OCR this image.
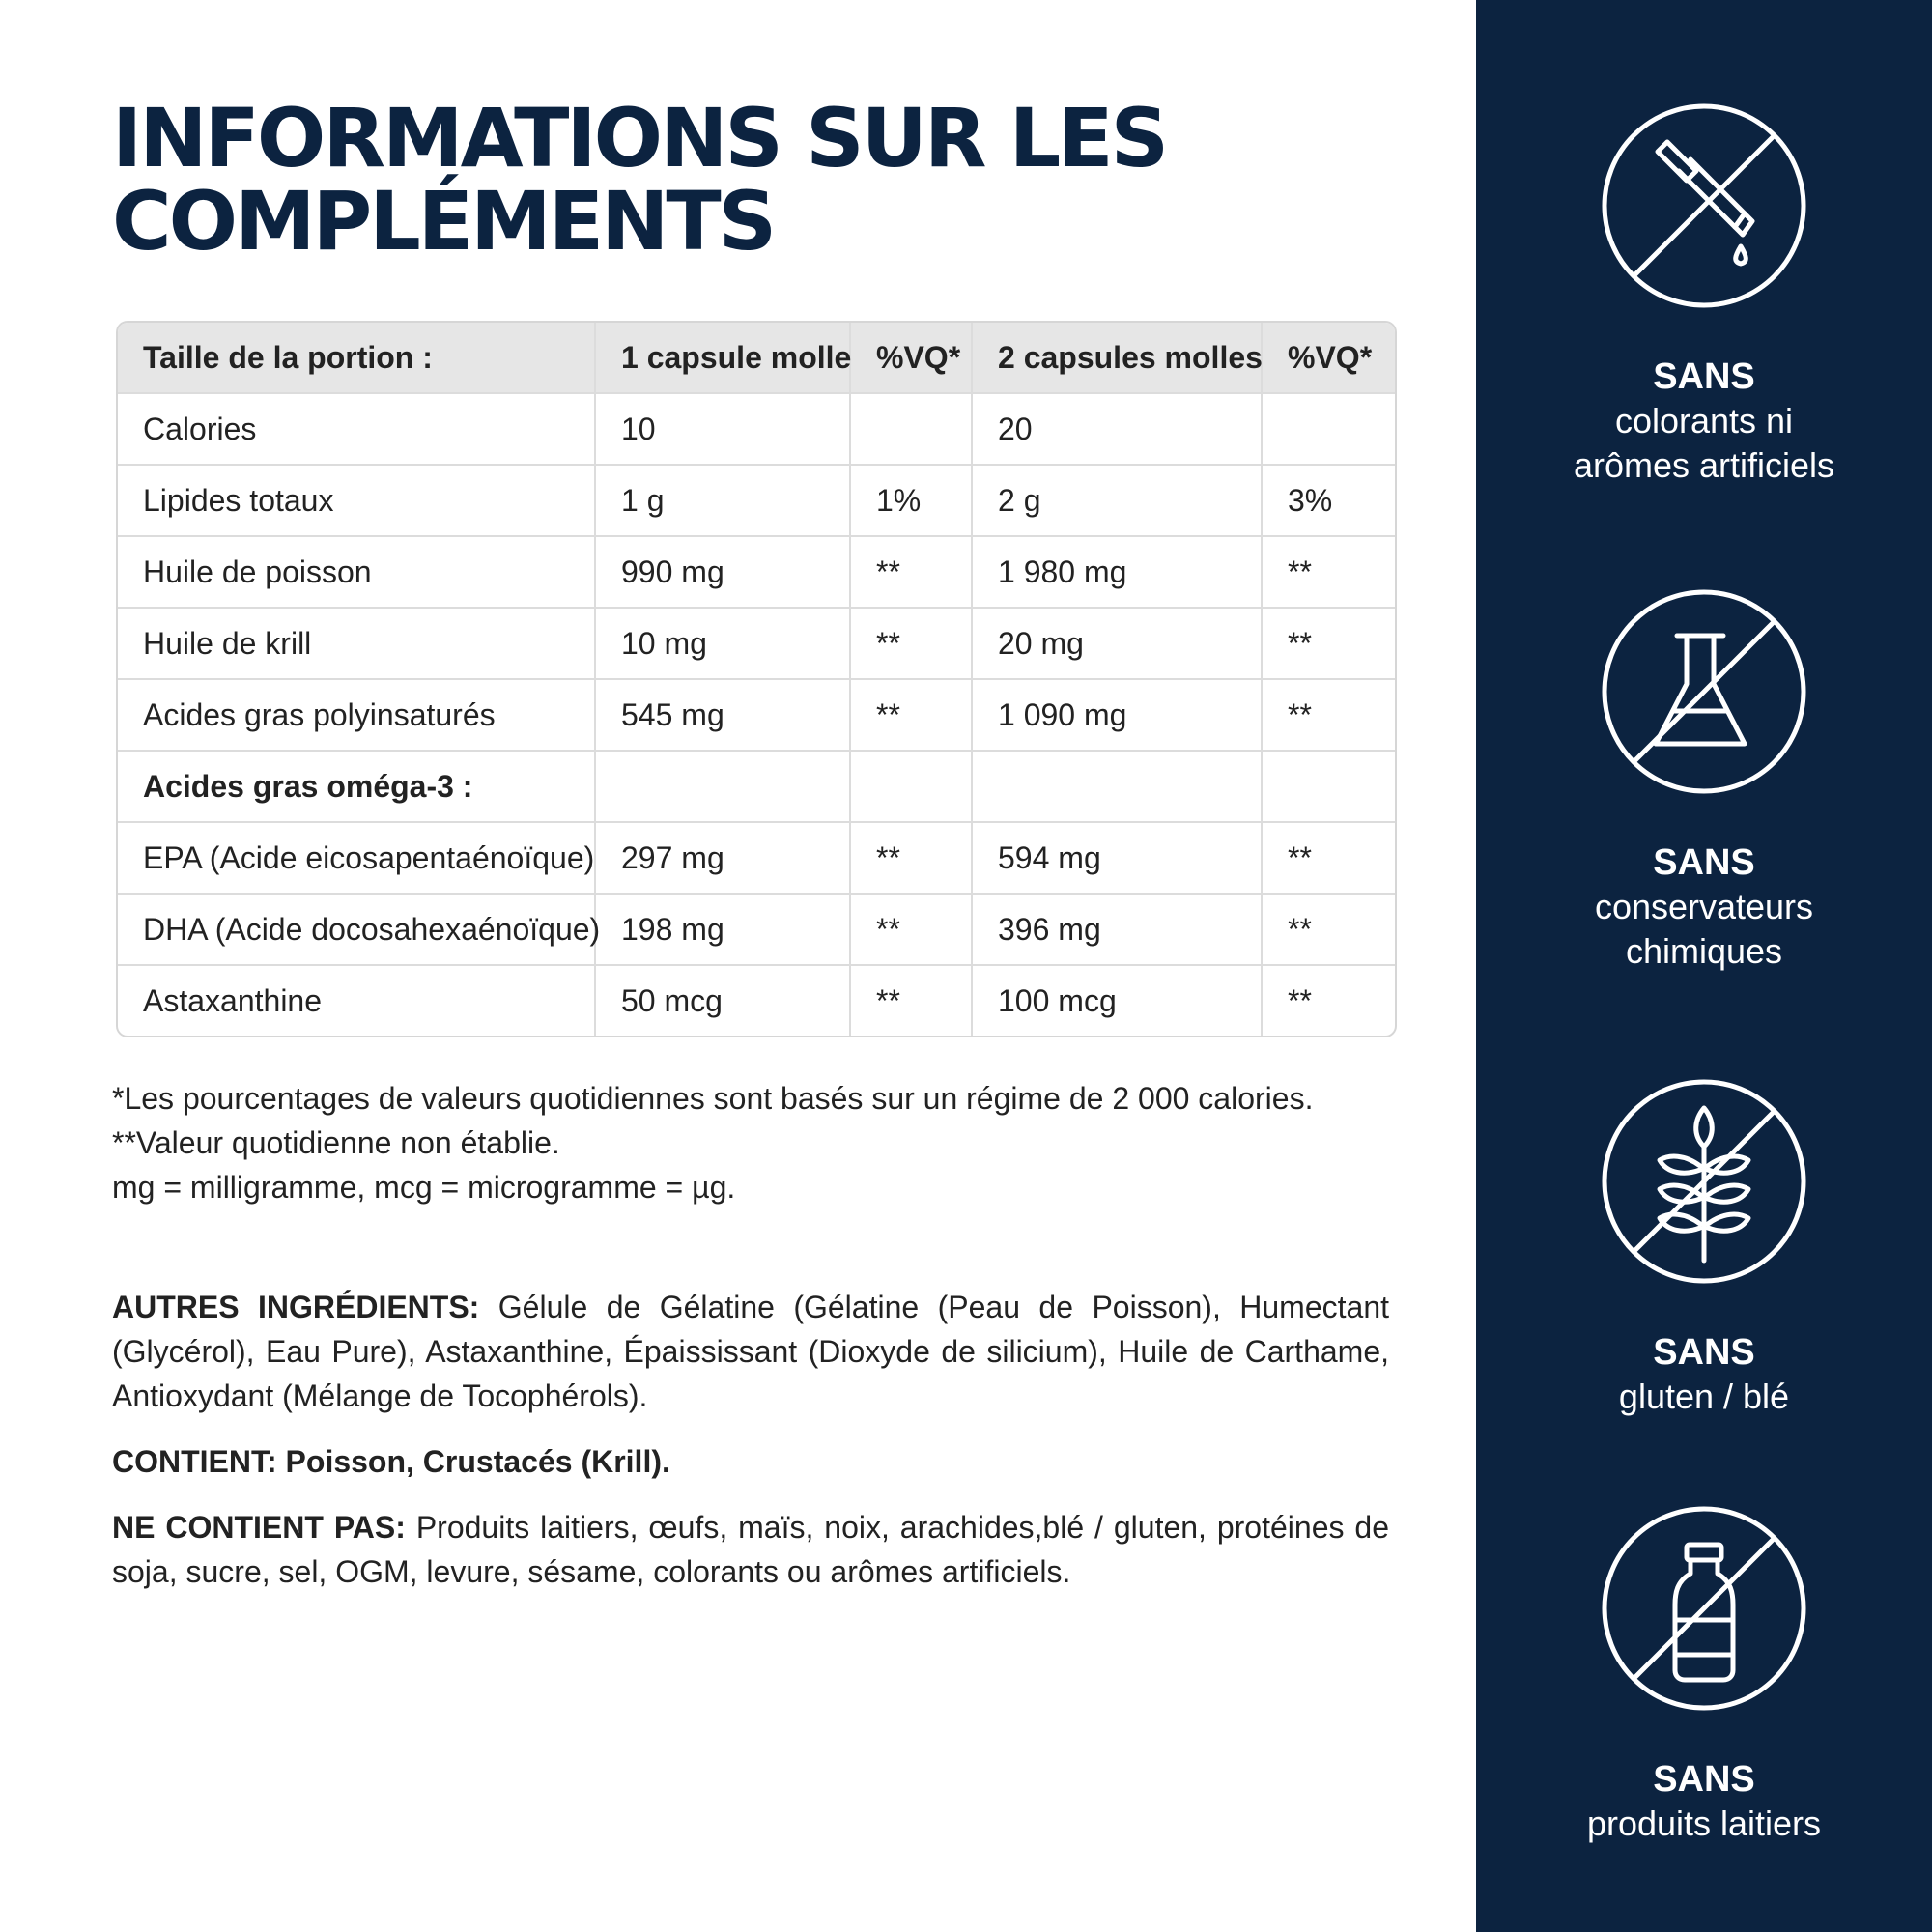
INFORMATIONS SUR LES
COMPLÉMENTS
Taille de la portion :	1 capsule molle	%VQ*	2 capsules molles	%VQ*
Calories	10		20	
Lipides totaux	1 g	1%	2 g	3%
Huile de poisson	990 mg	**	1 980 mg	**
Huile de krill	10 mg	**	20 mg	**
Acides gras polyinsaturés	545 mg	**	1 090 mg	**
Acides gras oméga-3 :				
EPA (Acide eicosapentaénoïque)	297 mg	**	594 mg	**
DHA (Acide docosahexaénoïque)	198 mg	**	396 mg	**
Astaxanthine	50 mcg	**	100 mcg	**

*Les pourcentages de valeurs quotidiennes sont basés sur un régime de 2 000 calories.

**Valeur quotidienne non établie.

mg = milligramme, mcg = microgramme = µg.

AUTRES INGRÉDIENTS: Gélule de Gélatine (Gélatine (Peau de Poisson), Humectant (Glycérol), Eau Pure), Astaxanthine, Épaississant (Dioxyde de silicium), Huile de Carthame, Antioxydant (Mélange de Tocophérols).

CONTIENT: Poisson, Crustacés (Krill).

NE CONTIENT PAS: Produits laitiers, œufs, maïs, noix, arachides,blé / gluten, protéines de soja, sucre, sel, OGM, levure, sésame, colorants ou arômes artificiels.

SANS
colorants ni
arômes artificiels
SANS
conservateurs
chimiques
SANS
gluten / blé
SANS
produits laitiers
